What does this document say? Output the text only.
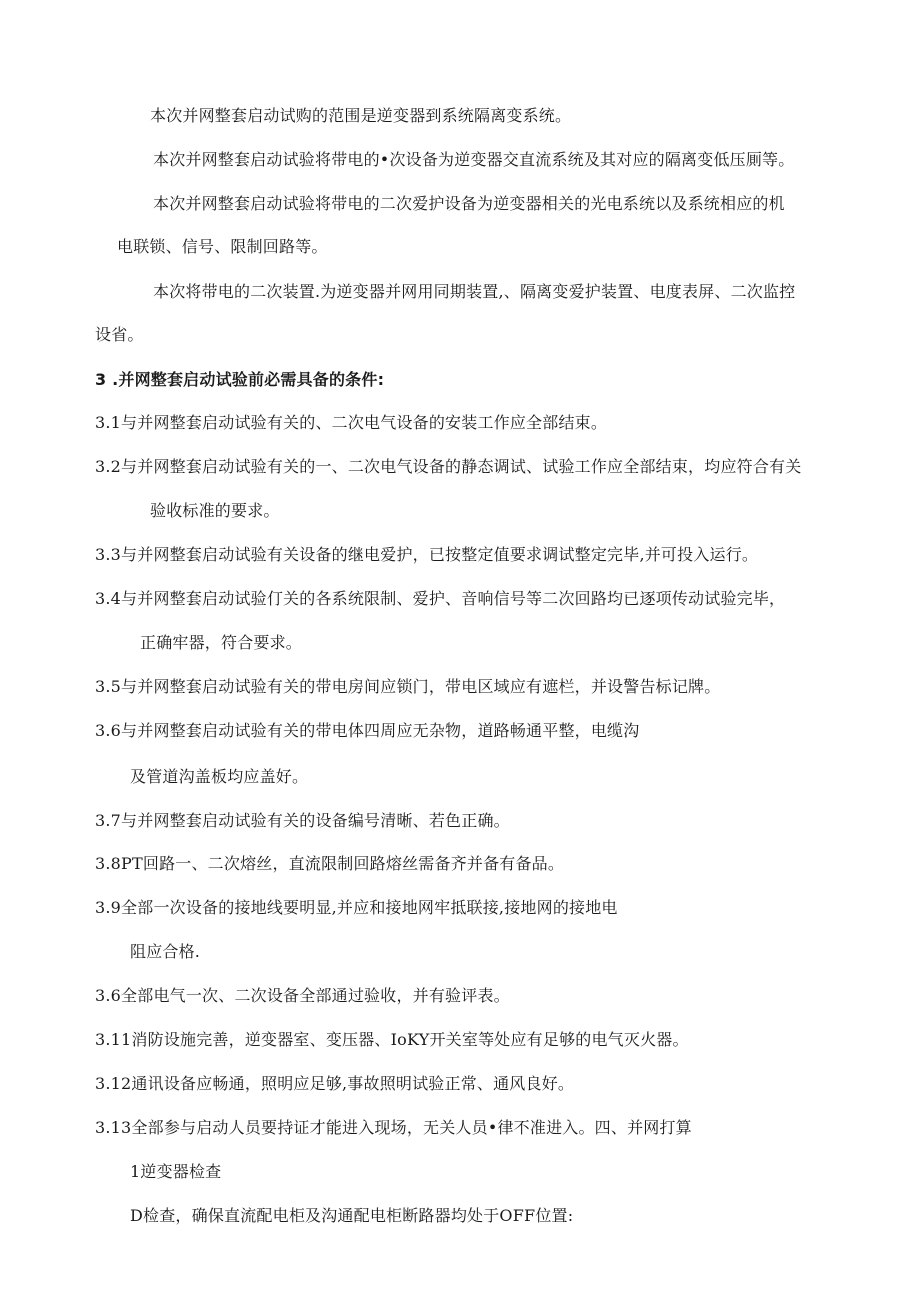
本次并网整套启动试购的范围是逆变器到系统隔离变系统。
本次并网整套启动试验将带电的•次设备为逆变器交直流系统及其对应的隔离变低压厠等。
本次并网整套启动试验将带电的二次爱护设备为逆变器相关的光电系统以及系统相应的机
电联锁、信号、限制回路等。
本次将带电的二次装置.为逆变器并网用同期装置,、隔离变爱护装置、电度表屏、二次监控
设省。
3 .并网整套启动试验前必需具备的条件:
3.1与并网整套启动试验有关的、二次电气设备的安装工作应全部结束。
3.2与并网整套启动试验有关的一、二次电气设备的静态调试、试验工作应全部结束，均应符合有关
验收标准的要求。
3.3与并网整套启动试验有关设备的继电爱护，已按整定值要求调试整定完毕,并可投入运行。
3.4与并网整套启动试验仃关的各系统限制、爱护、音响信号等二次回路均已逐项传动试验完毕，
正确牢器，符合要求。
3.5与并网整套启动试验有关的带电房间应锁门，带电区域应有遮栏，并设警告标记牌。
3.6与并网整套启动试验有关的带电体四周应无杂物，道路畅通平整，电缆沟
及管道沟盖板均应盖好。
3.7与并网整套启动试验有关的设备编号清晰、若色正确。
3.8PT回路一、二次熔丝，直流限制回路熔丝需备齐并备有备品。
3.9全部一次设备的接地线要明显,并应和接地网牢抵联接,接地网的接地电
阻应合格.
3.6全部电气一次、二次设备全部通过验收，并有验评表。
3.11消防设施完善，逆变器室、变压器、IoKY开关室等处应有足够的电气灭火器。
3.12通讯设备应畅通，照明应足够,事故照明试验正常、通风良好。
3.13全部参与启动人员要持证才能进入现场，无关人员•律不准进入。四、并网打算
1逆变器检查
D检查，确保直流配电柜及沟通配电柜断路器均处于OFF位置:
